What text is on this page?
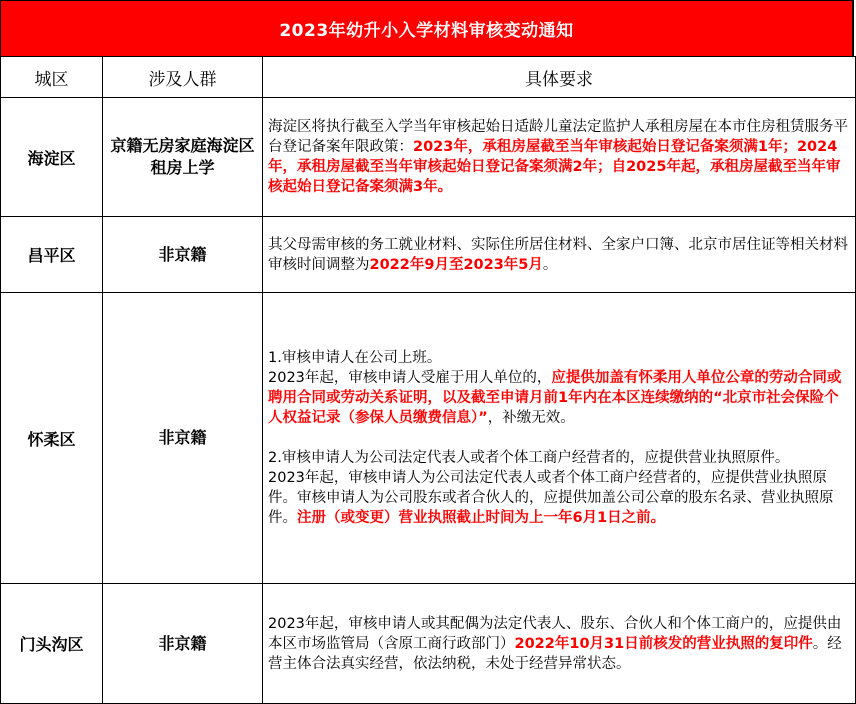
2023年幼升小入学材料审核变动通知
城区	涉及人群	具体要求
海淀区	京籍无房家庭海淀区租房上学	海淀区将执行截至入学当年审核起始日适龄儿童法定监护人承租房屋在本市住房租赁服务平台登记备案年限政策：2023年，承租房屋截至当年审核起始日登记备案须满1年；2024年，承租房屋截至当年审核起始日登记备案须满2年；自2025年起，承租房屋截至当年审核起始日登记备案须满3年。
昌平区	非京籍	其父母需审核的务工就业材料、实际住所居住材料、全家户口簿、北京市居住证等相关材料审核时间调整为2022年9月至2023年5月。
怀柔区	非京籍	1.审核申请人在公司上班。
2023年起，审核申请人受雇于用人单位的，应提供加盖有怀柔用人单位公章的劳动合同或聘用合同或劳动关系证明，以及截至申请月前1年内在本区连续缴纳的“北京市社会保险个人权益记录（参保人员缴费信息）”，补缴无效。
2.审核申请人为公司法定代表人或者个体工商户经营者的，应提供营业执照原件。
2023年起，审核申请人为公司法定代表人或者个体工商户经营者的，应提供营业执照原件。审核申请人为公司股东或者合伙人的，应提供加盖公司公章的股东名录、营业执照原件。注册（或变更）营业执照截止时间为上一年6月1日之前。

门头沟区	非京籍	2023年起，审核申请人或其配偶为法定代表人、股东、合伙人和个体工商户的，应提供由本区市场监管局（含原工商行政部门）2022年10月31日前核发的营业执照的复印件。经营主体合法真实经营，依法纳税，未处于经营异常状态。
